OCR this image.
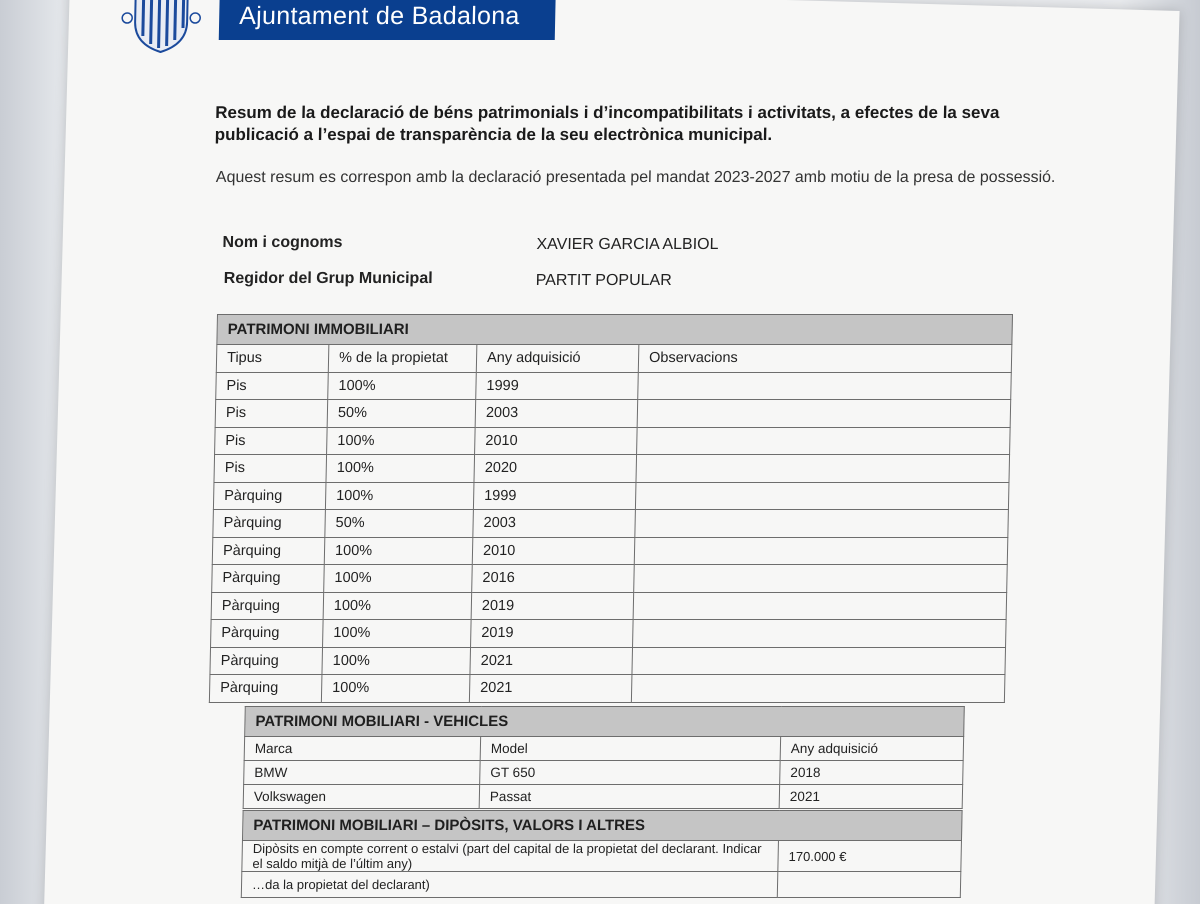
Ajuntament de Badalona
Resum de la declaració de béns patrimonials i d’incompatibilitats i activitats, a efectes de la seva publicació a l’espai de transparència de la seu electrònica municipal.
Aquest resum es correspon amb la declaració presentada pel mandat 2023-2027 amb motiu de la presa de possessió.
Nom i cognoms	XAVIER GARCIA ALBIOL
Regidor del Grup Municipal	PARTIT POPULAR
PATRIMONI IMMOBILIARI			
Tipus	% de la propietat	Any adquisició	Observacions
Pis	100%	1999	
Pis	50%	2003	
Pis	100%	2010	
Pis	100%	2020	
Pàrquing	100%	1999	
Pàrquing	50%	2003	
Pàrquing	100%	2010	
Pàrquing	100%	2016	
Pàrquing	100%	2019	
Pàrquing	100%	2019	
Pàrquing	100%	2021	
Pàrquing	100%	2021	
PATRIMONI MOBILIARI - VEHICLES		
Marca	Model	Any adquisició
BMW	GT 650	2018
Volkswagen	Passat	2021
PATRIMONI MOBILIARI – DIPÒSITS, VALORS I ALTRES	
Dipòsits en compte corrent o estalvi (part del capital de la propietat del declarant. Indicar el saldo mitjà de l’últim any)	170.000 €
…da la propietat del declarant)	
